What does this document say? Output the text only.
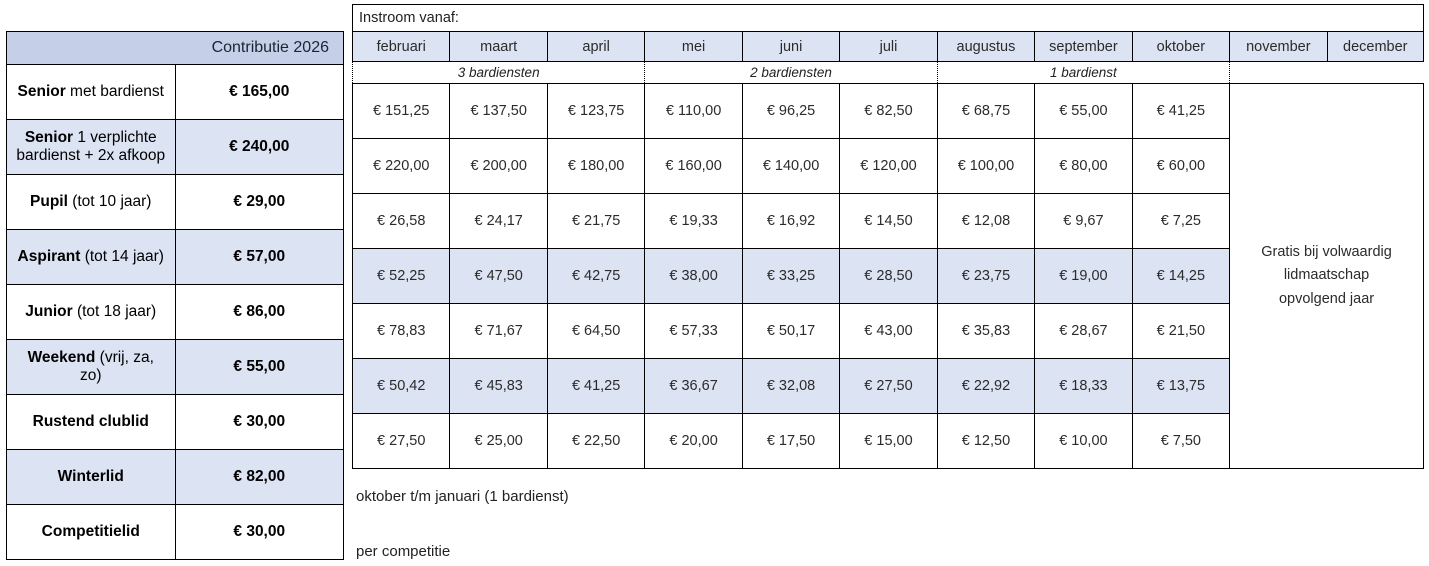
Contributie 2026	
Senior met bardienst	€ 165,00
Senior 1 verplichte bardienst + 2x afkoop	€ 240,00
Pupil (tot 10 jaar)	€ 29,00
Aspirant (tot 14 jaar)	€ 57,00
Junior (tot 18 jaar)	€ 86,00
Weekend (vrij, za, zo)	€ 55,00
Rustend clublid	€ 30,00
Winterlid	€ 82,00
Competitielid	€ 30,00
Instroom vanaf:
februari	maart	april	mei	juni	juli	augustus	september	oktober	november	december
3 bardiensten			2 bardiensten			1 bardienst				
€ 151,25	€ 137,50	€ 123,75	€ 110,00	€ 96,25	€ 82,50	€ 68,75	€ 55,00	€ 41,25	Gratis bij volwaardig
lidmaatschap
opvolgend jaar	

€ 220,00	€ 200,00	€ 180,00	€ 160,00	€ 140,00	€ 120,00	€ 100,00	€ 80,00	€ 60,00		
€ 26,58	€ 24,17	€ 21,75	€ 19,33	€ 16,92	€ 14,50	€ 12,08	€ 9,67	€ 7,25		
€ 52,25	€ 47,50	€ 42,75	€ 38,00	€ 33,25	€ 28,50	€ 23,75	€ 19,00	€ 14,25		
€ 78,83	€ 71,67	€ 64,50	€ 57,33	€ 50,17	€ 43,00	€ 35,83	€ 28,67	€ 21,50		
€ 50,42	€ 45,83	€ 41,25	€ 36,67	€ 32,08	€ 27,50	€ 22,92	€ 18,33	€ 13,75		
€ 27,50	€ 25,00	€ 22,50	€ 20,00	€ 17,50	€ 15,00	€ 12,50	€ 10,00	€ 7,50		
oktober t/m januari (1 bardienst)
per competitie
